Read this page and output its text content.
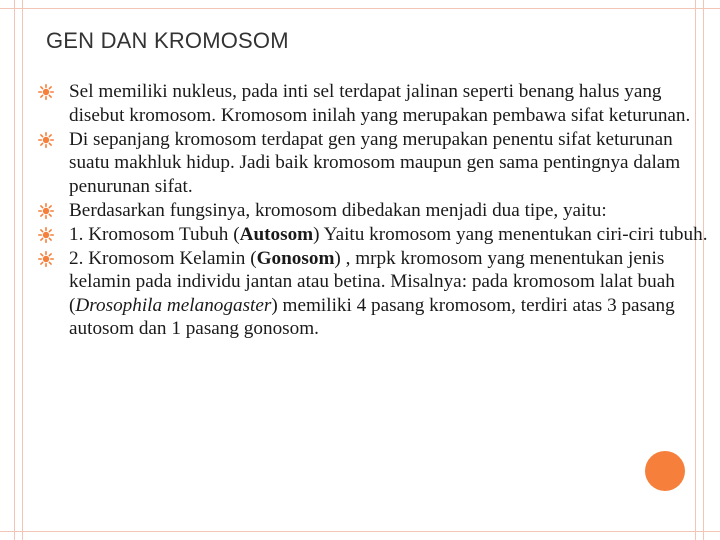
GEN DAN KROMOSOM
Sel memiliki nukleus, pada inti sel terdapat jalinan seperti benang halus yang disebut kromosom. Kromosom inilah yang merupakan pembawa sifat keturunan.
Di sepanjang kromosom terdapat gen yang merupakan penentu sifat keturunan suatu makhluk hidup. Jadi baik kromosom maupun gen sama pentingnya dalam penurunan sifat.
Berdasarkan fungsinya, kromosom dibedakan menjadi dua tipe, yaitu:
1. Kromosom Tubuh (Autosom) Yaitu kromosom yang menentukan ciri-ciri tubuh.
2. Kromosom Kelamin (Gonosom) , mrpk kromosom yang menentukan jenis kelamin pada individu jantan atau betina. Misalnya: pada kromosom lalat buah (Drosophila melanogaster) memiliki 4 pasang kromosom, terdiri atas 3 pasang autosom dan 1 pasang gonosom.
